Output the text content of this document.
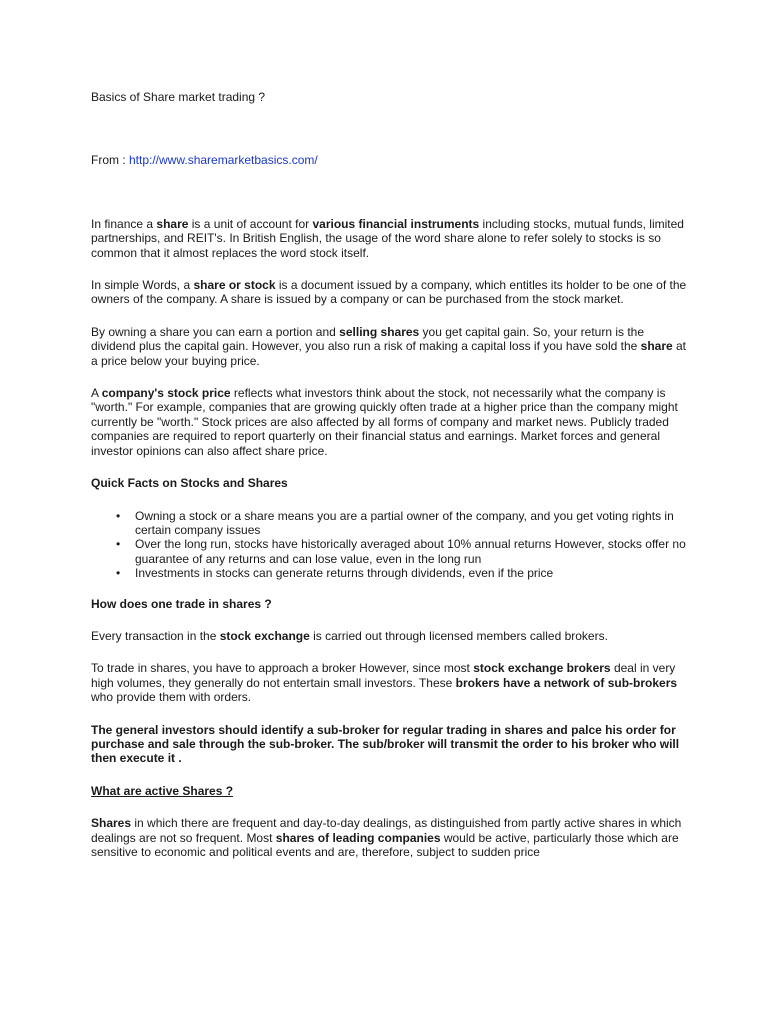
Basics of Share market trading ?

From : http://www.sharemarketbasics.com/

In finance a share is a unit of account for various financial instruments including stocks, mutual funds, limited partnerships, and REIT's. In British English, the usage of the word share alone to refer solely to stocks is so common that it almost replaces the word stock itself.

In simple Words, a share or stock is a document issued by a company, which entitles its holder to be one of the owners of the company. A share is issued by a company or can be purchased from the stock market.

By owning a share you can earn a portion and selling shares you get capital gain. So, your return is the dividend plus the capital gain. However, you also run a risk of making a capital loss if you have sold the share at a price below your buying price.

A company's stock price reflects what investors think about the stock, not necessarily what the company is "worth." For example, companies that are growing quickly often trade at a higher price than the company might currently be "worth." Stock prices are also affected by all forms of company and market news. Publicly traded companies are required to report quarterly on their financial status and earnings. Market forces and general investor opinions can also affect share price.

Quick Facts on Stocks and Shares

• Owning a stock or a share means you are a partial owner of the company, and you get voting rights in certain company issues
• Over the long run, stocks have historically averaged about 10% annual returns However, stocks offer no
guarantee of any returns and can lose value, even in the long run
• Investments in stocks can generate returns through dividends, even if the price

How does one trade in shares ?

Every transaction in the stock exchange is carried out through licensed members called brokers.

To trade in shares, you have to approach a broker However, since most stock exchange brokers deal in very high volumes, they generally do not entertain small investors. These brokers have a network of sub-brokers who provide them with orders.

The general investors should identify a sub-broker for regular trading in shares and palce his order for purchase and sale through the sub-broker. The sub/broker will transmit the order to his broker who will then execute it .

What are active Shares ?

Shares in which there are frequent and day-to-day dealings, as distinguished from partly active shares in which dealings are not so frequent. Most shares of leading companies would be active, particularly those which are sensitive to economic and political events and are, therefore, subject to sudden price
